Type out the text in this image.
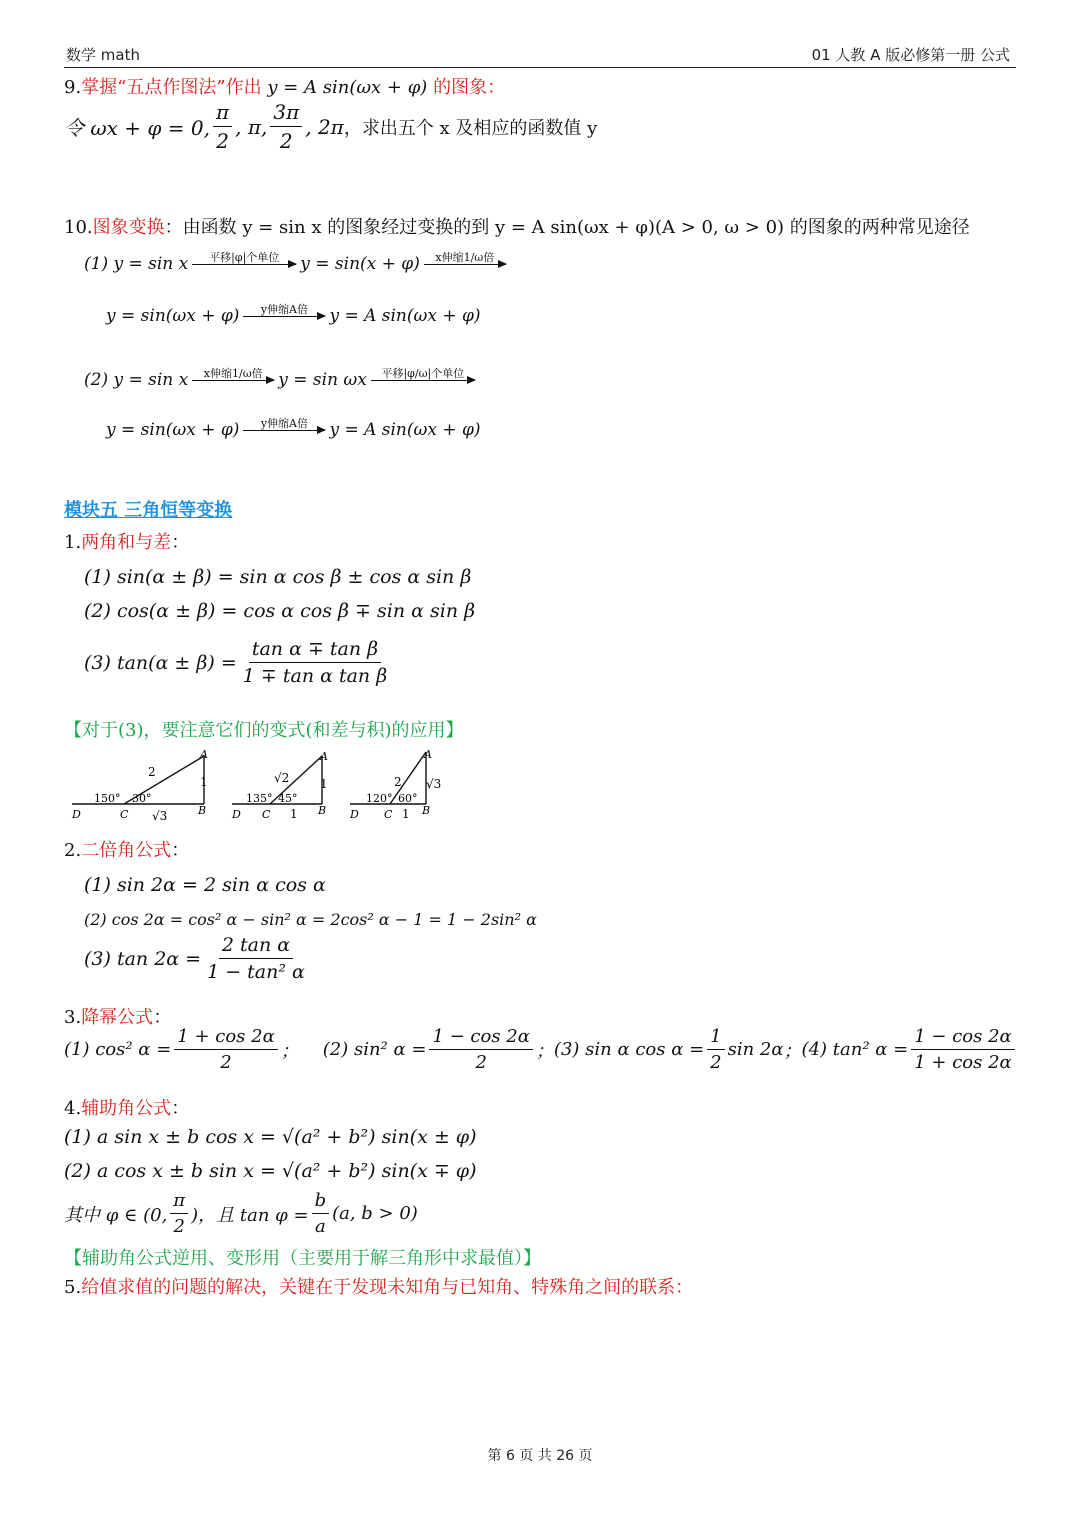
数学 math	01 人教 A 版必修第一册 公式
9.掌握“五点作图法”作出 y = A sin(ωx + φ) 的图象：
令 ωx + φ = 0, $\frac{\pi}{2}$ , π, $\frac{3\pi}{2}$ , 2π ，求出五个 x 及相应的函数值 y
10.图象变换：由函数 y = sin x 的图象经过变换的到 y = A sin(ωx + φ)(A > 0, ω > 0) 的图象的两种常见途径
(1) y = sin x	平移|φ|个单位	y = sin(x + φ)	x伸缩1/ω倍
y = sin(ωx + φ)	y伸缩A倍	y = A sin(ωx + φ)
(2) y = sin x	x伸缩1/ω倍 y = sin ωx	平移|φ/ω|个单位
y = sin(ωx + φ)	y伸缩A倍	y = A sin(ωx + φ)
模块五 三角恒等变换
1.两角和与差：
(1) sin(α ± β) = sin α cos β ± cos α sin β
(2) cos(α ± β) = cos α cos β ∓ sin α sin β
(3) $\tan(\alpha \pm \beta) = \frac{\text{tan α ∓ tan β}}{\text{1 ∓ tan α tan β}}$
【对于(3)，要注意它们的变式(和差与积)的应用】
D	C	B
A
150° 30°
2
1
√3	D C	B
A
135° 45°
√2	1
1	D C	B
A
120° 60°
2 √3
1
2.二倍角公式：
(1) sin 2α = 2 sin α cos α
(2) cos 2α = cos² α − sin² α = 2cos² α − 1 = 1 − 2sin² α
(3) $\tan 2\alpha = \frac{\text{2 tan α}}{\text{1 − tan² α}}$
3.降幂公式：
(1) cos² $\alpha = \frac{1 + \cos 2\alpha}{2}$ ； (2) sin² $\alpha = \frac{1 - \cos 2\alpha}{2}$ ； (3) sin α $\cos \alpha = \frac{1}{2}$ sin 2α ； (4) tan² $\alpha = \frac{1 - \cos 2\alpha}{1 + \cos 2\alpha}$
4.辅助角公式：
(1) a sin x ± b cos x = √(a² + b²) sin(x ± φ)
(2) a cos x ± b sin x = √(a² + b²) sin(x ∓ φ)
其中 φ ∈ (0, $\frac{\pi}{2}$ )，且 $\tan \varphi = \frac{b}{a} (a$, b > 0)
【辅助角公式逆用、变形用（主要用于解三角形中求最值）】
5.给值求值的问题的解决，关键在于发现未知角与已知角、特殊角之间的联系：
第 6 页 共 26 页
